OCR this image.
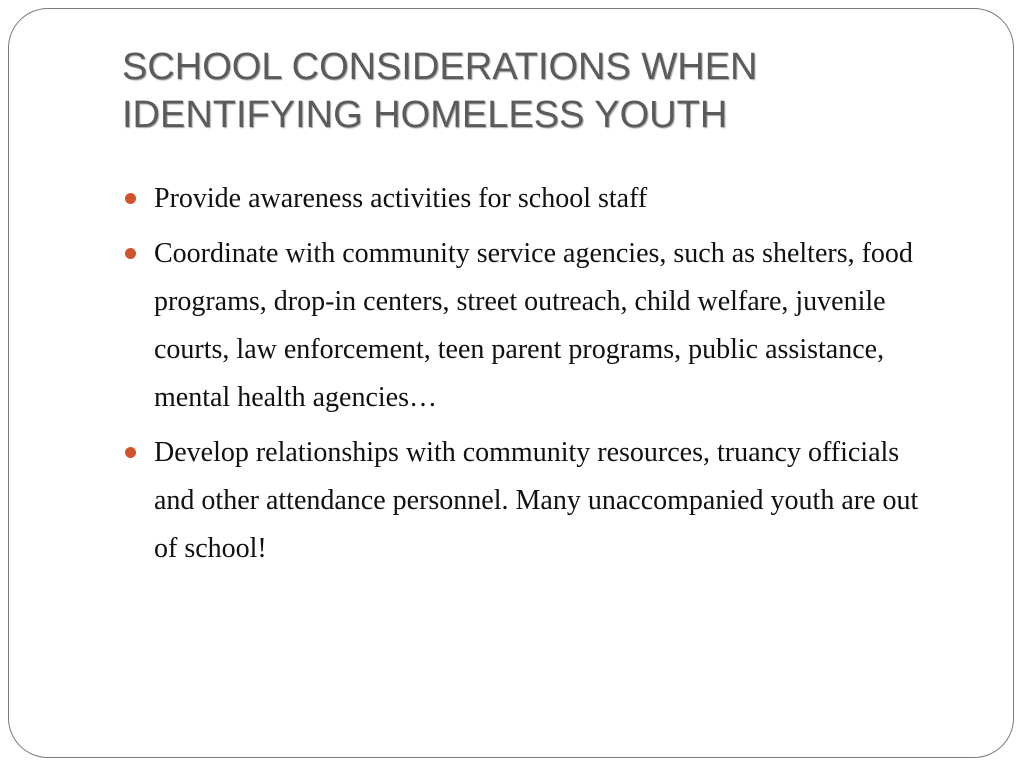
SCHOOL CONSIDERATIONS WHEN
IDENTIFYING HOMELESS YOUTH
Provide awareness activities for school staff
Coordinate with community service agencies, such as shelters, food programs, drop-in centers, street outreach, child welfare, juvenile courts, law enforcement, teen parent programs, public assistance, mental health agencies…
Develop relationships with community resources, truancy officials and other attendance personnel. Many unaccompanied youth are out of school!
